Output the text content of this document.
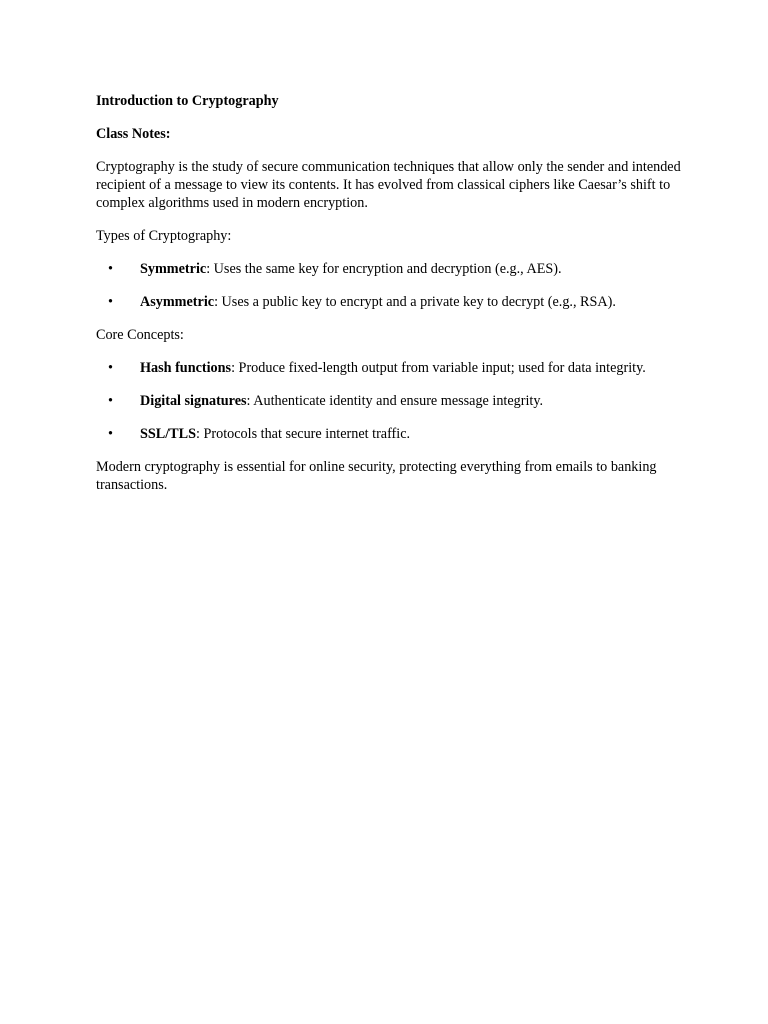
Introduction to Cryptography

Class Notes:

Cryptography is the study of secure communication techniques that allow only the sender and intended recipient of a message to view its contents. It has evolved from classical ciphers like Caesar’s shift to complex algorithms used in modern encryption.

Types of Cryptography:

• Symmetric: Uses the same key for encryption and decryption (e.g., AES).
• Asymmetric: Uses a public key to encrypt and a private key to decrypt (e.g., RSA).

Core Concepts:

• Hash functions: Produce fixed-length output from variable input; used for data integrity.
• Digital signatures: Authenticate identity and ensure message integrity.
• SSL/TLS: Protocols that secure internet traffic.

Modern cryptography is essential for online security, protecting everything from emails to banking transactions.
